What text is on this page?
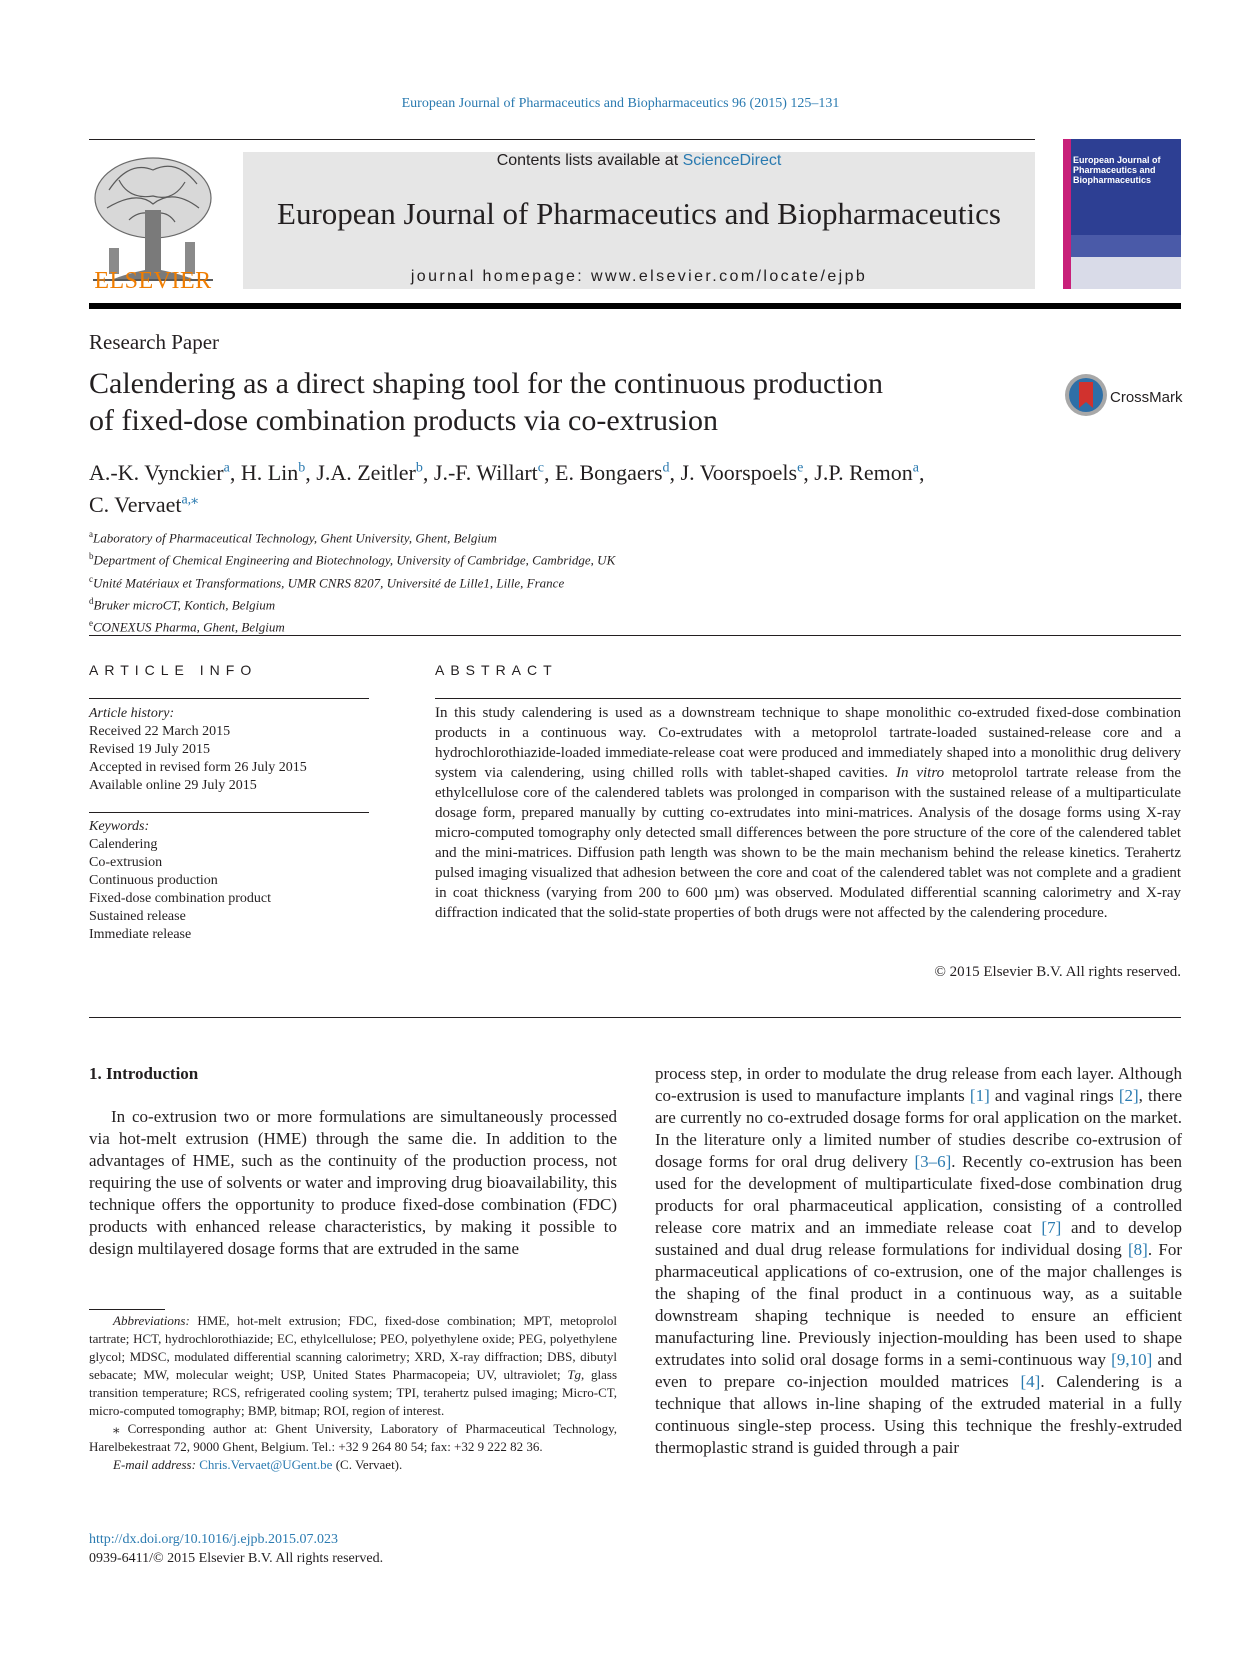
European Journal of Pharmaceutics and Biopharmaceutics 96 (2015) 125–131
ELSEVIER
Contents lists available at ScienceDirect
European Journal of Pharmaceutics and Biopharmaceutics
journal homepage: www.elsevier.com/locate/ejpb
European Journal of Pharmaceutics and Biopharmaceutics
Research Paper
Calendering as a direct shaping tool for the continuous production
of fixed-dose combination products via co-extrusion
CrossMark
A.-K. Vynckier$^a$, H. Lin$^b$, J.A. Zeitler$^b$, J.-F. Willart$^c$, E. Bongaers$^d$, J. Voorspoels$^e$, J.P. Remon$^a$,
C. Vervaet$^{a,⁎}$
$^a$Laboratory of Pharmaceutical Technology, Ghent University, Ghent, Belgium
$^b$Department of Chemical Engineering and Biotechnology, University of Cambridge, Cambridge, UK
$^c$Unité Matériaux et Transformations, UMR CNRS 8207, Université de Lille1, Lille, France
$^d$Bruker microCT, Kontich, Belgium
$^e$CONEXUS Pharma, Ghent, Belgium
ARTICLE INFO
Article history:
Received 22 March 2015
Revised 19 July 2015
Accepted in revised form 26 July 2015
Available online 29 July 2015
Keywords:
Calendering
Co-extrusion
Continuous production
Fixed-dose combination product
Sustained release
Immediate release
ABSTRACT
In this study calendering is used as a downstream technique to shape monolithic co-extruded fixed-dose combination products in a continuous way. Co-extrudates with a metoprolol tartrate-loaded sustained-release core and a hydrochlorothiazide-loaded immediate-release coat were produced and immediately shaped into a monolithic drug delivery system via calendering, using chilled rolls with tablet-shaped cavities. In vitro metoprolol tartrate release from the ethylcellulose core of the calendered tablets was prolonged in comparison with the sustained release of a multiparticulate dosage form, prepared manually by cutting co-extrudates into mini-matrices. Analysis of the dosage forms using X-ray micro-computed tomography only detected small differences between the pore structure of the core of the calendered tablet and the mini-matrices. Diffusion path length was shown to be the main mechanism behind the release kinetics. Terahertz pulsed imaging visualized that adhesion between the core and coat of the calendered tablet was not complete and a gradient in coat thickness (varying from 200 to 600 µm) was observed. Modulated differential scanning calorimetry and X-ray diffraction indicated that the solid-state properties of both drugs were not affected by the calendering procedure.
© 2015 Elsevier B.V. All rights reserved.
1. Introduction
In co-extrusion two or more formulations are simultaneously processed via hot-melt extrusion (HME) through the same die. In addition to the advantages of HME, such as the continuity of the production process, not requiring the use of solvents or water and improving drug bioavailability, this technique offers the opportunity to produce fixed-dose combination (FDC) products with enhanced release characteristics, by making it possible to design multilayered dosage forms that are extruded in the same
process step, in order to modulate the drug release from each layer. Although co-extrusion is used to manufacture implants [1] and vaginal rings [2], there are currently no co-extruded dosage forms for oral application on the market. In the literature only a limited number of studies describe co-extrusion of dosage forms for oral drug delivery [3–6]. Recently co-extrusion has been used for the development of multiparticulate fixed-dose combination drug products for oral pharmaceutical application, consisting of a controlled release core matrix and an immediate release coat [7] and to develop sustained and dual drug release formulations for individual dosing [8]. For pharmaceutical applications of co-extrusion, one of the major challenges is the shaping of the final product in a continuous way, as a suitable downstream shaping technique is needed to ensure an efficient manufacturing line. Previously injection-moulding has been used to shape extrudates into solid oral dosage forms in a semi-continuous way [9,10] and even to prepare co-injection moulded matrices [4]. Calendering is a technique that allows in-line shaping of the extruded material in a fully continuous single-step process. Using this technique the freshly-extruded thermoplastic strand is guided through a pair

Abbreviations: HME, hot-melt extrusion; FDC, fixed-dose combination; MPT, metoprolol tartrate; HCT, hydrochlorothiazide; EC, ethylcellulose; PEO, polyethylene oxide; PEG, polyethylene glycol; MDSC, modulated differential scanning calorimetry; XRD, X-ray diffraction; DBS, dibutyl sebacate; MW, molecular weight; USP, United States Pharmacopeia; UV, ultraviolet; Tg, glass transition temperature; RCS, refrigerated cooling system; TPI, terahertz pulsed imaging; Micro-CT, micro-computed tomography; BMP, bitmap; ROI, region of interest.

⁎ Corresponding author at: Ghent University, Laboratory of Pharmaceutical Technology, Harelbekestraat 72, 9000 Ghent, Belgium. Tel.: +32 9 264 80 54; fax: +32 9 222 82 36.

E-mail address: Chris.Vervaet@UGent.be (C. Vervaet).

http://dx.doi.org/10.1016/j.ejpb.2015.07.023
0939-6411/© 2015 Elsevier B.V. All rights reserved.
